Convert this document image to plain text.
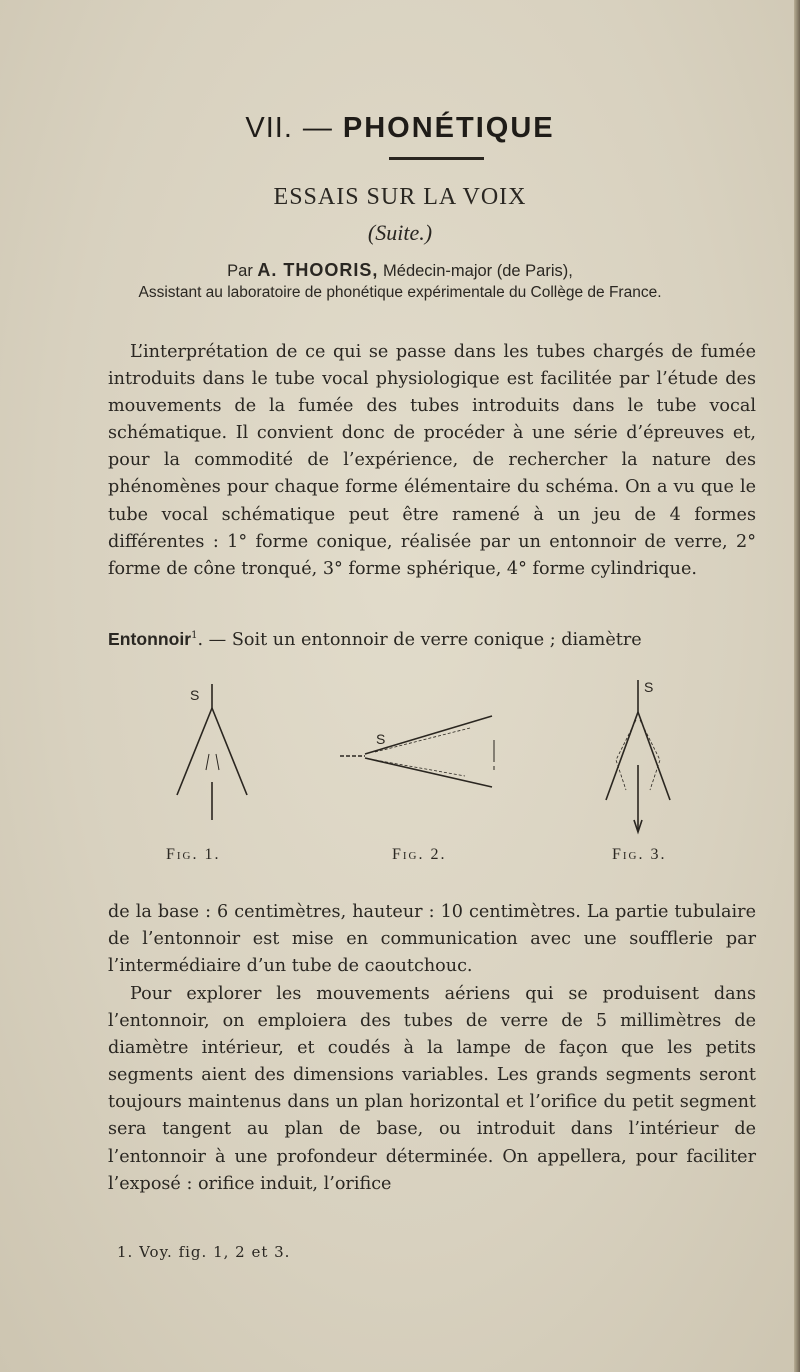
VII. — PHONÉTIQUE
ESSAIS SUR LA VOIX
(Suite.)
Par A. THOORIS, Médecin-major (de Paris),
Assistant au laboratoire de phonétique expérimentale du Collège de France.

L’interprétation de ce qui se passe dans les tubes chargés de fumée introduits dans le tube vocal physiologique est facilitée par l’étude des mouvements de la fumée des tubes introduits dans le tube vocal schématique. Il convient donc de procéder à une série d’épreuves et, pour la commodité de l’expérience, de rechercher la nature des phénomènes pour chaque forme élémentaire du schéma. On a vu que le tube vocal schématique peut être ramené à un jeu de 4 formes différentes : 1° forme conique, réalisée par un entonnoir de verre, 2° forme de cône tronqué, 3° forme sphérique, 4° forme cylindrique.

Entonnoir$^1$. — Soit un entonnoir de verre conique ; diamètre

S
S
S
Fig. 1.	Fig. 2.	Fig. 3.

de la base : 6 centimètres, hauteur : 10 centimètres. La partie tubulaire de l’entonnoir est mise en communication avec une soufflerie par l’intermédiaire d’un tube de caoutchouc.

Pour explorer les mouvements aériens qui se produisent dans l’entonnoir, on emploiera des tubes de verre de 5 millimètres de diamètre intérieur, et coudés à la lampe de façon que les petits segments aient des dimensions variables. Les grands segments seront toujours maintenus dans un plan horizontal et l’orifice du petit segment sera tangent au plan de base, ou introduit dans l’intérieur de l’entonnoir à une profondeur déterminée. On appellera, pour faciliter l’exposé : orifice induit, l’orifice

1. Voy. fig. 1, 2 et 3.
